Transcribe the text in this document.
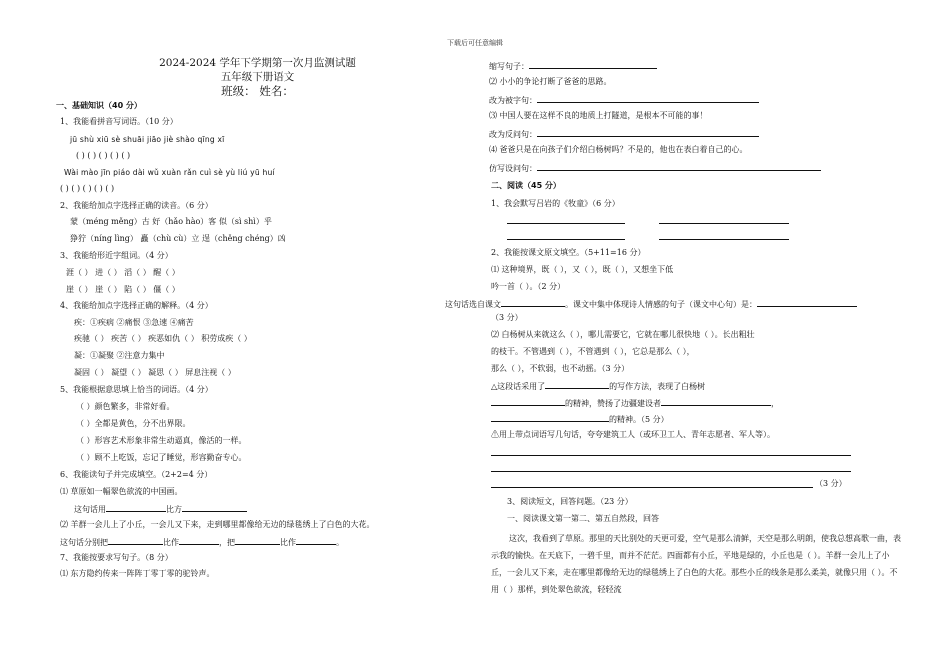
下载后可任意编辑
2024-2024 学年下学期第一次月监测试题
五年级下册语文
班级： 姓名：
一、基础知识（40 分）
1、我能看拼音写词语。（10 分）
jū shù xiū sè shuāi jiāo jiè shào qīng xī
( ) ( ) ( ) ( ) ( )
Wài mào jīn piáo dài wǔ xuàn rǎn cuì sè yù liú yū huí
( ) ( ) ( ) ( ) ( )
2、我能给加点字选择正确的读音。（6 分）
蒙（méng měng）古 好（hǎo hào）客 似（sì shì）乎
狰狞（níng lìng） 矗（chù cù）立 逞（chěng chéng）凶
3、我能给形近字组词。（4 分）
涯（ ） 进（ ） 滔（ ） 醒（ ）
崖（ ） 崖（ ） 陷（ ） 僵（ ）
4、我能给加点字选择正确的解释。（4 分）
疾：①疾病 ②痛恨 ③急速 ④痛苦
疾驰（ ） 疾苦（ ） 疾恶如仇（ ） 积劳成疾（ ）
凝：①凝聚 ②注意力集中
凝固（ ） 凝望（ ） 凝思（ ） 屏息注视（ ）
5、我能根据意思填上恰当的词语。（4 分）
（ ）颜色繁多，非常好看。
（ ）全都是黄色，分不出界限。
（ ）形容艺术形象非常生动逼真，像活的一样。
（ ）顾不上吃饭，忘记了睡觉，形容勤奋专心。
6、我能读句子并完成填空。（2+2=4 分）
⑴ 草原如一幅翠色欲流的中国画。
这句话用	比方
⑵ 羊群一会儿上了小丘，一会儿又下来，走到哪里都像给无边的绿毯绣上了白色的大花。
这句话分别把	比作	，把	比作	。
7、我能按要求写句子。（8 分）
⑴ 东方隐约传来一阵阵丁零丁零的驼铃声。
缩写句子：
⑵ 小小的争论打断了爸爸的思路。
改为被字句：
⑶ 中国人要在这样不良的地质上打隧道，是根本不可能的事！
改为反问句：
⑷ 爸爸只是在向孩子们介绍白杨树吗？不是的，他也在表白着自己的心。
仿写设问句：
二、阅读（45 分）
1、我会默写吕岩的《牧童》（6 分）
2、我能按课文原文填空。（5+11=16 分）
⑴ 这种境界，既（ ），又（ ），既（ ），又想坐下低
吟一首（ ）。（2 分）
这句话选自课文	。课文中集中体现诗人情感的句子（课文中心句）是：
（3 分）
⑵ 白杨树从来就这么（ ），哪儿需要它，它就在哪儿很快地（ ）。长出粗壮
的枝干。不管遇到（ ），不管遇到（ ），它总是那么（ ），
那么（ ），不软弱，也不动摇。（3 分）
△这段话采用了	的写作方法，表现了白杨树
的精神，赞扬了边疆建设者	，
的精神。（5 分）
⚠用上带点词语写几句话，夸夸建筑工人（或环卫工人、青年志愿者、军人等）。
（3 分）
3、阅读短文，回答问题。（23 分）
一、阅读课文第一第二、第五自然段，回答
这次，我看到了草原。那里的天比别处的天更可爱，空气是那么清鲜，天空是那么明朗，使我总想高歌一曲，表示我的愉快。在天底下，一碧千里，而并不茫茫。四面都有小丘，平地是绿的，小丘也是（ ）。羊群一会儿上了小丘，一会儿又下来，走在哪里都像给无边的绿毯绣上了白色的大花。那些小丘的线条是那么柔美，就像只用（ ）。不用（ ）那样，到处翠色欲流，轻轻流
